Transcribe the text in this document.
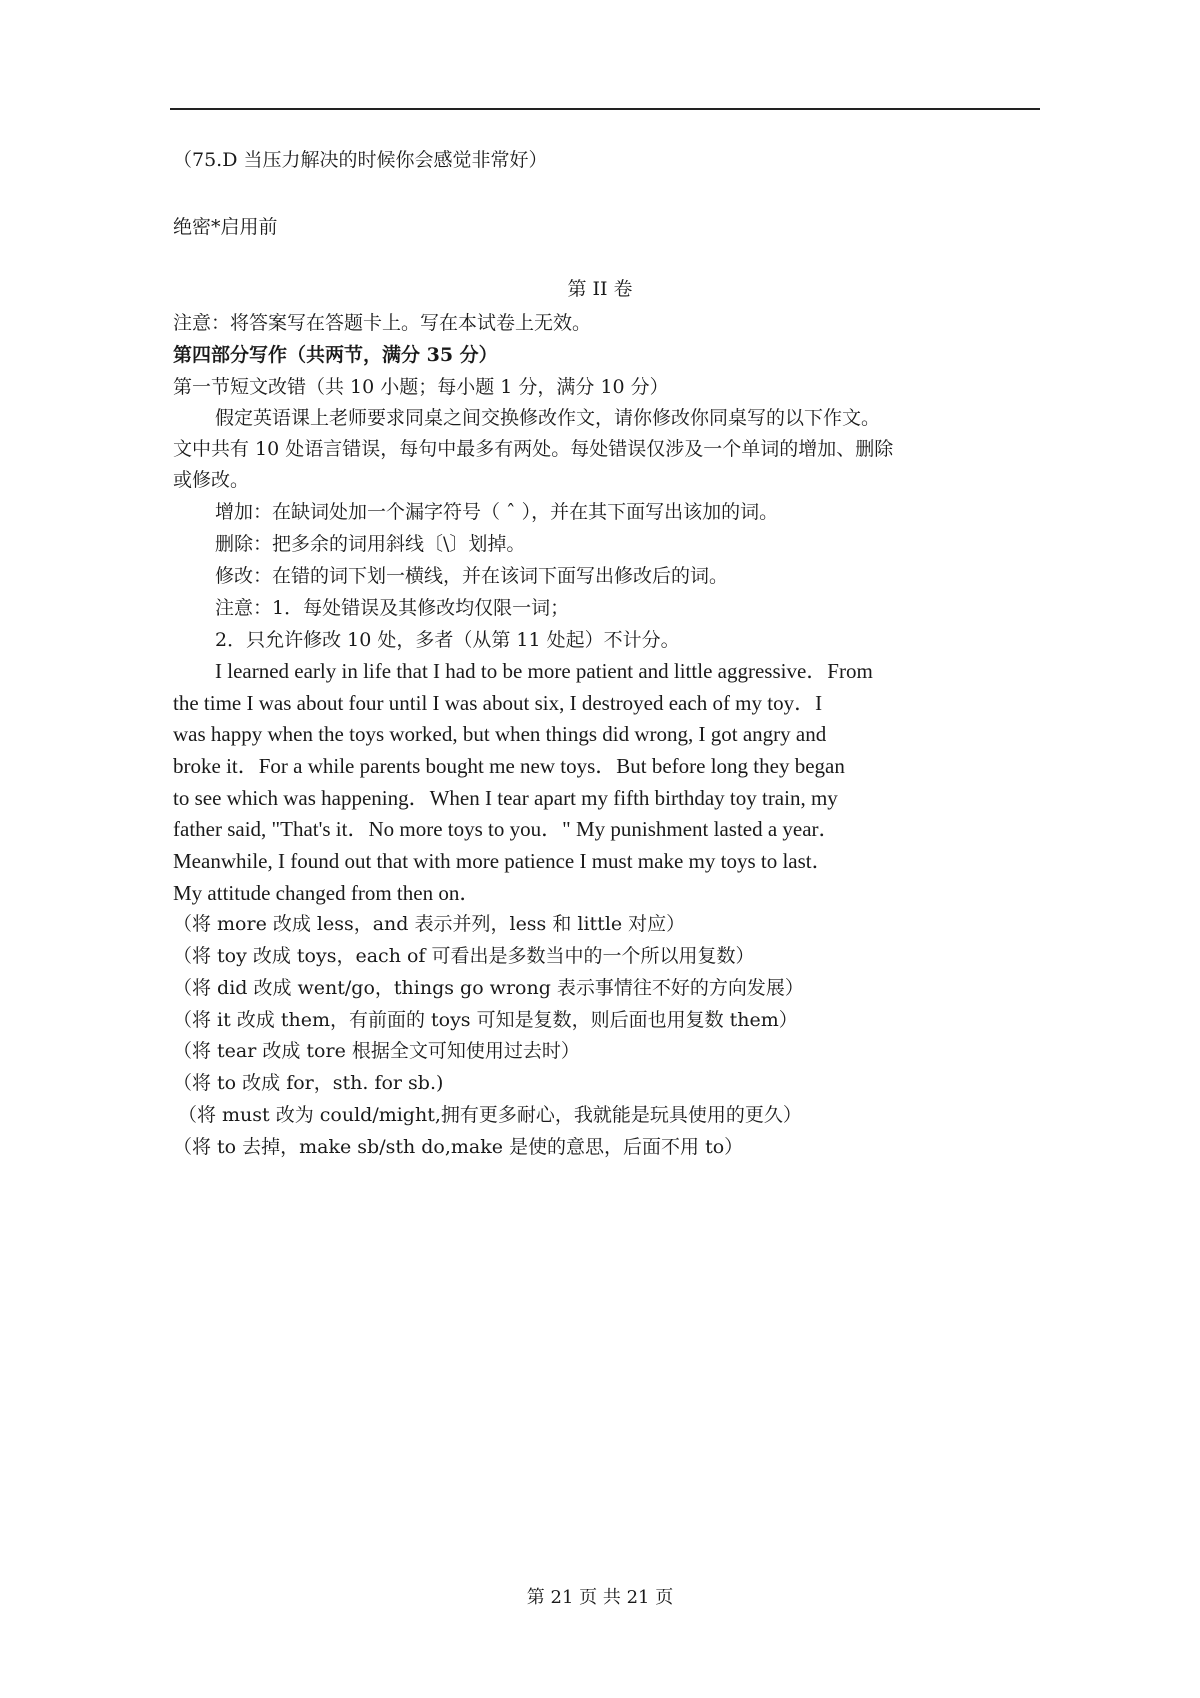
（75.D 当压力解决的时候你会感觉非常好）
绝密*启用前
第 II 卷
注意：将答案写在答题卡上。写在本试卷上无效。
第四部分写作（共两节，满分 35 分）
第一节短文改错（共 10 小题；每小题 1 分，满分 10 分）
假定英语课上老师要求同桌之间交换修改作文，请你修改你同桌写的以下作文。
文中共有 10 处语言错误，每句中最多有两处。每处错误仅涉及一个单词的增加、删除
或修改。
增加：在缺词处加一个漏字符号（ ˆ ），并在其下面写出该加的词。
删除：把多余的词用斜线〔\〕划掉。
修改：在错的词下划一横线，并在该词下面写出修改后的词。
注意：1．每处错误及其修改均仅限一词；
2．只允许修改 10 处，多者（从第 11 处起）不计分。
I learned early in life that I had to be more patient and little aggressive．From
the time I was about four until I was about six, I destroyed each of my toy．I
was happy when the toys worked, but when things did wrong, I got angry and
broke it．For a while parents bought me new toys．But before long they began
to see which was happening．When I tear apart my fifth birthday toy train, my
father said, "That's it．No more toys to you．" My punishment lasted a year．
Meanwhile, I found out that with more patience I must make my toys to last．
My attitude changed from then on．
（将 more 改成 less，and 表示并列，less 和 little 对应）
（将 toy 改成 toys，each of 可看出是多数当中的一个所以用复数）
（将 did 改成 went/go，things go wrong 表示事情往不好的方向发展）
（将 it 改成 them，有前面的 toys 可知是复数，则后面也用复数 them）
（将 tear 改成 tore 根据全文可知使用过去时）
（将 to 改成 for，sth. for sb.)
（将 must 改为 could/might,拥有更多耐心，我就能是玩具使用的更久）
（将 to 去掉，make sb/sth do,make 是使的意思，后面不用 to）
第 21 页 共 21 页
